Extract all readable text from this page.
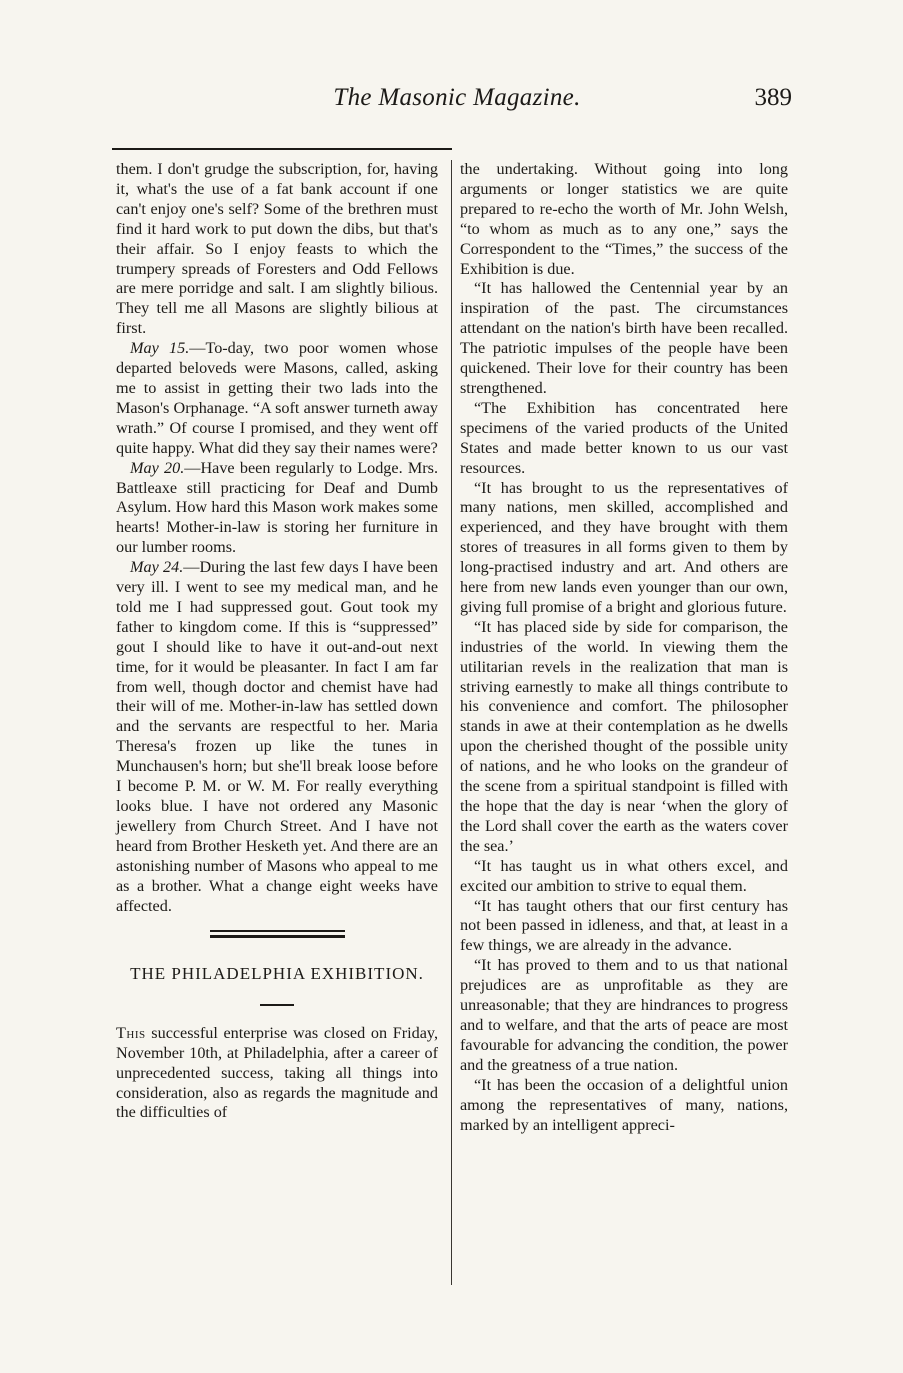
The Masonic Magazine.	389

them. I don't grudge the subscription, for, having it, what's the use of a fat bank account if one can't enjoy one's self? Some of the brethren must find it hard work to put down the dibs, but that's their affair. So I enjoy feasts to which the trumpery spreads of Foresters and Odd Fellows are mere porridge and salt. I am slightly bilious. They tell me all Masons are slightly bilious at first.

May 15.—To-day, two poor women whose departed beloveds were Masons, called, asking me to assist in getting their two lads into the Mason's Orphanage. “A soft answer turneth away wrath.” Of course I promised, and they went off quite happy. What did they say their names were?

May 20.—Have been regularly to Lodge. Mrs. Battleaxe still practicing for Deaf and Dumb Asylum. How hard this Mason work makes some hearts! Mother-in-law is storing her furniture in our lumber rooms.

May 24.—During the last few days I have been very ill. I went to see my medical man, and he told me I had suppressed gout. Gout took my father to kingdom come. If this is “suppressed” gout I should like to have it out-and-out next time, for it would be pleasanter. In fact I am far from well, though doctor and chemist have had their will of me. Mother-in-law has settled down and the servants are respectful to her. Maria Theresa's frozen up like the tunes in Munchausen's horn; but she'll break loose before I become P. M. or W. M. For really everything looks blue. I have not ordered any Masonic jewellery from Church Street. And I have not heard from Brother Hesketh yet. And there are an astonishing number of Masons who appeal to me as a brother. What a change eight weeks have affected.

THE PHILADELPHIA EXHIBITION.

This successful enterprise was closed on Friday, November 10th, at Philadelphia, after a career of unprecedented success, taking all things into consideration, also as regards the magnitude and the difficulties of

the undertaking. Without going into long arguments or longer statistics we are quite prepared to re-echo the worth of Mr. John Welsh, “to whom as much as to any one,” says the Correspondent to the “Times,” the success of the Exhibition is due.

“It has hallowed the Centennial year by an inspiration of the past. The circumstances attendant on the nation's birth have been recalled. The patriotic impulses of the people have been quickened. Their love for their country has been strengthened.

“The Exhibition has concentrated here specimens of the varied products of the United States and made better known to us our vast resources.

“It has brought to us the representatives of many nations, men skilled, accomplished and experienced, and they have brought with them stores of treasures in all forms given to them by long-practised industry and art. And others are here from new lands even younger than our own, giving full promise of a bright and glorious future.

“It has placed side by side for comparison, the industries of the world. In viewing them the utilitarian revels in the realization that man is striving earnestly to make all things contribute to his convenience and comfort. The philosopher stands in awe at their contemplation as he dwells upon the cherished thought of the possible unity of nations, and he who looks on the grandeur of the scene from a spiritual standpoint is filled with the hope that the day is near ‘when the glory of the Lord shall cover the earth as the waters cover the sea.’

“It has taught us in what others excel, and excited our ambition to strive to equal them.

“It has taught others that our first century has not been passed in idleness, and that, at least in a few things, we are already in the advance.

“It has proved to them and to us that national prejudices are as unprofitable as they are unreasonable; that they are hindrances to progress and to welfare, and that the arts of peace are most favourable for advancing the condition, the power and the greatness of a true nation.

“It has been the occasion of a delightful union among the representatives of many, nations, marked by an intelligent appreci-
